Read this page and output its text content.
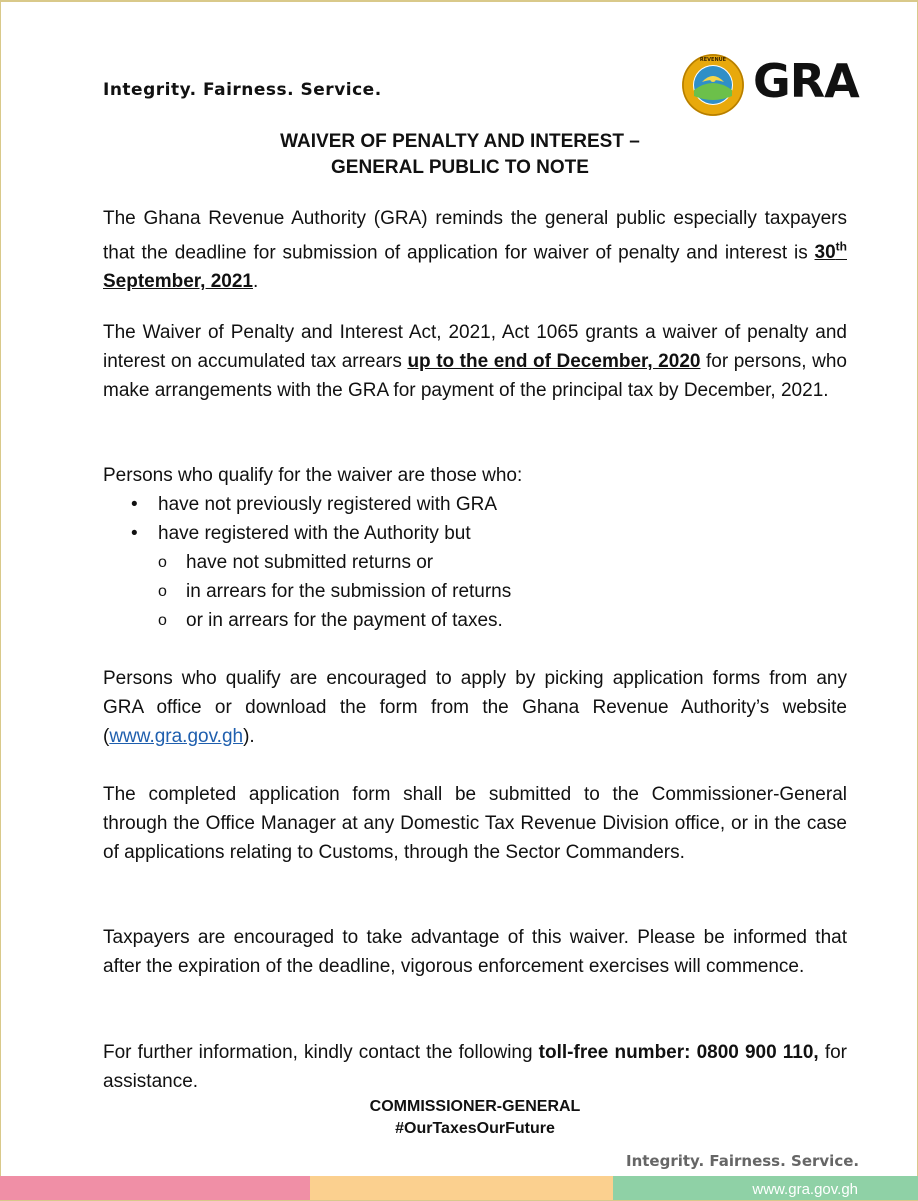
Integrity. Fairness. Service.
REVENUE GRA
WAIVER OF PENALTY AND INTEREST –
GENERAL PUBLIC TO NOTE

The Ghana Revenue Authority (GRA) reminds the general public especially taxpayers that the deadline for submission of application for waiver of penalty and interest is 30th September, 2021.

The Waiver of Penalty and Interest Act, 2021, Act 1065 grants a waiver of penalty and interest on accumulated tax arrears up to the end of December, 2020 for persons, who make arrangements with the GRA for payment of the principal tax by December, 2021.

Persons who qualify for the waiver are those who:

• have not previously registered with GRA
• have registered with the Authority but
o have not submitted returns or
o in arrears for the submission of returns
o or in arrears for the payment of taxes.

Persons who qualify are encouraged to apply by picking application forms from any GRA office or download the form from the Ghana Revenue Authority’s website (www.gra.gov.gh).

The completed application form shall be submitted to the Commissioner-General through the Office Manager at any Domestic Tax Revenue Division office, or in the case of applications relating to Customs, through the Sector Commanders.

Taxpayers are encouraged to take advantage of this waiver. Please be informed that after the expiration of the deadline, vigorous enforcement exercises will commence.

For further information, kindly contact the following toll-free number: 0800 900 110, for assistance.

COMMISSIONER-GENERAL
#OurTaxesOurFuture
Integrity. Fairness. Service.
www.gra.gov.gh
